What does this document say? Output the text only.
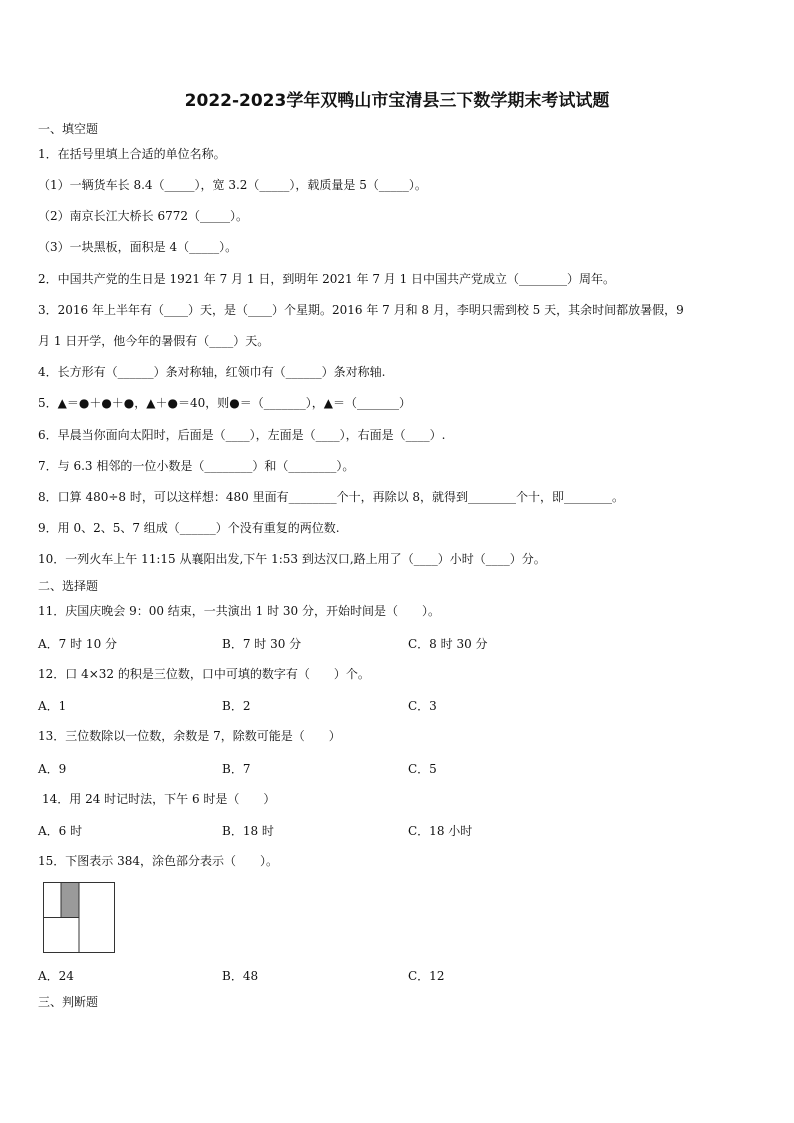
2022-2023学年双鸭山市宝清县三下数学期末考试试题
一、填空题
1．在括号里填上合适的单位名称。
（1）一辆货车长 8.4（_____），宽 3.2（_____），载质量是 5（_____）。
（2）南京长江大桥长 6772（_____）。
（3）一块黑板，面积是 4（_____）。
2．中国共产党的生日是 1921 年 7 月 1 日，到明年 2021 年 7 月 1 日中国共产党成立（________）周年。
3．2016 年上半年有（____）天，是（____）个星期。2016 年 7 月和 8 月，李明只需到校 5 天，其余时间都放暑假，9
月 1 日开学，他今年的暑假有（____）天。
4．长方形有（______）条对称轴，红领巾有（______）条对称轴.
5．▲＝●＋●＋●，▲＋●＝40，则●＝（_______），▲＝（_______）
6．早晨当你面向太阳时，后面是（____），左面是（____），右面是（____）.
7．与 6.3 相邻的一位小数是（________）和（________）。
8．口算 480÷8 时，可以这样想：480 里面有________个十，再除以 8，就得到________个十，即________。
9．用 0、2、5、7 组成（______）个没有重复的两位数.
10．一列火车上午 11:15 从襄阳出发,下午 1:53 到达汉口,路上用了（____）小时（____）分。
二、选择题
11．庆国庆晚会 9：00 结束，一共演出 1 时 30 分，开始时间是（　　）。
A．7 时 10 分	B．7 时 30 分	C．8 时 30 分
12．口 4×32 的积是三位数，口中可填的数字有（　　）个。
A．1	B．2	C．3
13．三位数除以一位数，余数是 7，除数可能是（　　）
A．9	B．7	C．5
14．用 24 时记时法，下午 6 时是（　　）
A．6 时	B．18 时	C．18 小时
15．下图表示 384，涂色部分表示（　　）。
A．24	B．48	C．12
三、判断题
